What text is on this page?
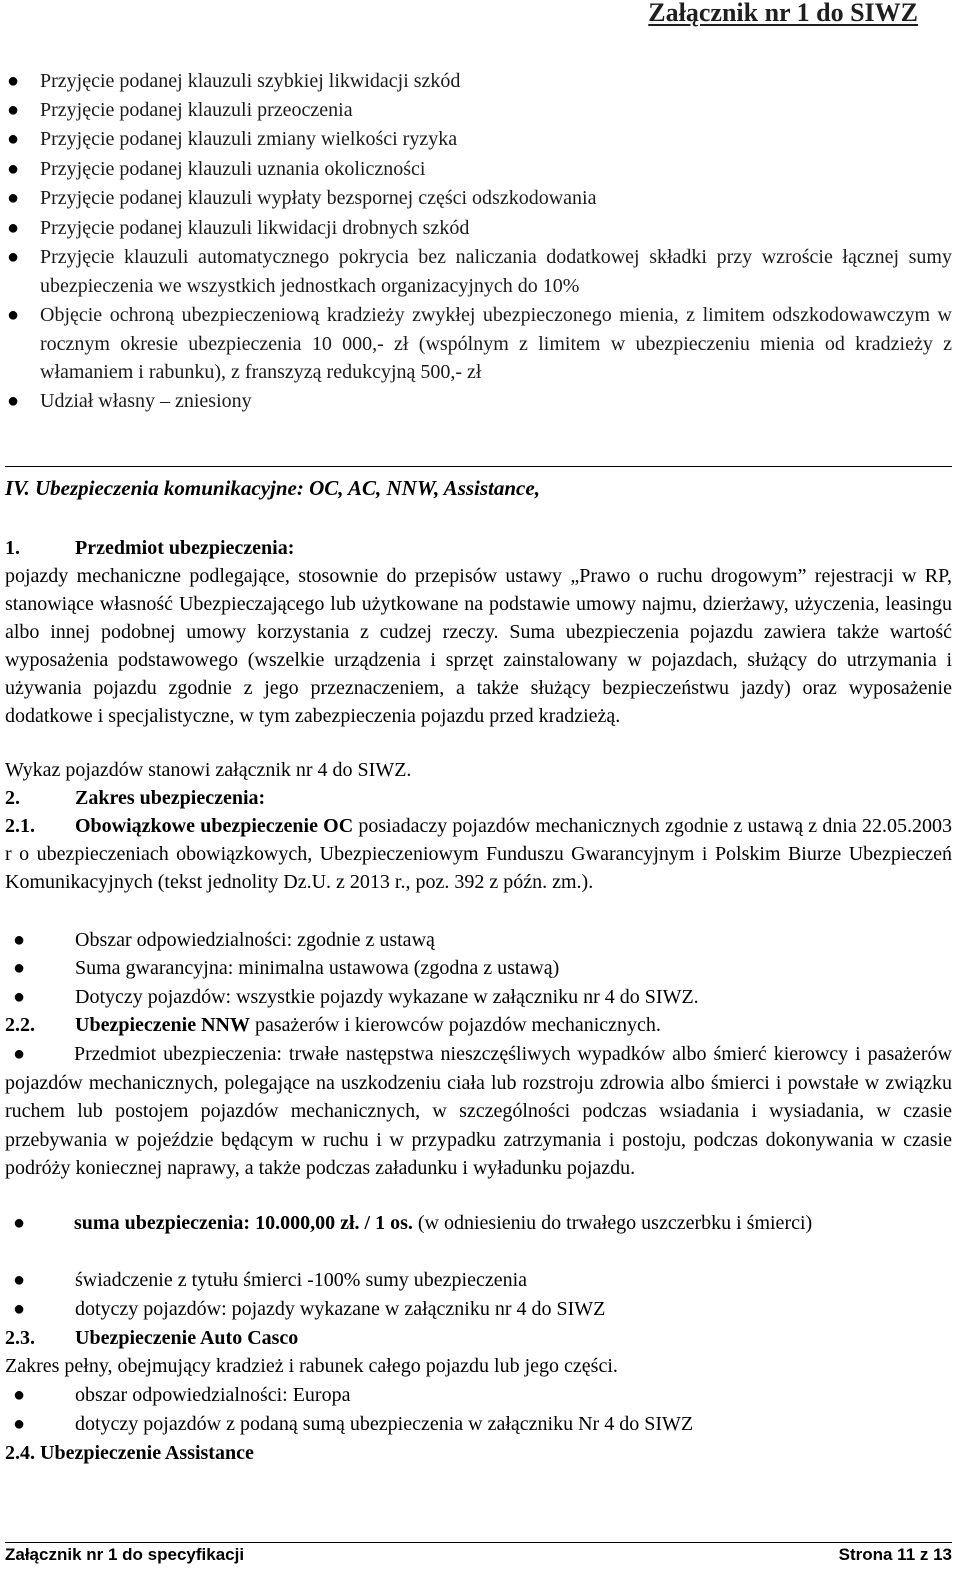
Załącznik nr 1 do SIWZ
●	Przyjęcie podanej klauzuli szybkiej likwidacji szkód
●	Przyjęcie podanej klauzuli przeoczenia
●	Przyjęcie podanej klauzuli zmiany wielkości ryzyka
●	Przyjęcie podanej klauzuli uznania okoliczności
●	Przyjęcie podanej klauzuli wypłaty bezspornej części odszkodowania
●	Przyjęcie podanej klauzuli likwidacji drobnych szkód
●	Przyjęcie klauzuli automatycznego pokrycia bez naliczania dodatkowej składki przy wzroście łącznej sumy ubezpieczenia we wszystkich jednostkach organizacyjnych do 10%
●	Objęcie ochroną ubezpieczeniową kradzieży zwykłej ubezpieczonego mienia, z limitem odszkodowawczym w rocznym okresie ubezpieczenia 10 000,- zł (wspólnym z limitem w ubezpieczeniu mienia od kradzieży z włamaniem i rabunku), z franszyzą redukcyjną 500,- zł
●	Udział własny – zniesiony
IV. Ubezpieczenia komunikacyjne: OC, AC, NNW, Assistance,
1.	Przedmiot ubezpieczenia:
pojazdy mechaniczne podlegające, stosownie do przepisów ustawy „Prawo o ruchu drogowym” rejestracji w RP, stanowiące własność Ubezpieczającego lub użytkowane na podstawie umowy najmu, dzierżawy, użyczenia, leasingu albo innej podobnej umowy korzystania z cudzej rzeczy. Suma ubezpieczenia pojazdu zawiera także wartość wyposażenia podstawowego (wszelkie urządzenia i sprzęt zainstalowany w pojazdach, służący do utrzymania i używania pojazdu zgodnie z jego przeznaczeniem, a także służący bezpieczeństwu jazdy) oraz wyposażenie dodatkowe i specjalistyczne, w tym zabezpieczenia pojazdu przed kradzieżą.
Wykaz pojazdów stanowi załącznik nr 4 do SIWZ.
2.	Zakres ubezpieczenia:
2.1. Obowiązkowe ubezpieczenie OC posiadaczy pojazdów mechanicznych zgodnie z ustawą z dnia 22.05.2003 r o ubezpieczeniach obowiązkowych, Ubezpieczeniowym Funduszu Gwarancyjnym i Polskim Biurze Ubezpieczeń Komunikacyjnych (tekst jednolity Dz.U. z 2013 r., poz. 392 z późn. zm.).
●	Obszar odpowiedzialności: zgodnie z ustawą
●	Suma gwarancyjna: minimalna ustawowa (zgodna z ustawą)
●	Dotyczy pojazdów: wszystkie pojazdy wykazane w załączniku nr 4 do SIWZ.
2.2. Ubezpieczenie NNW pasażerów i kierowców pojazdów mechanicznych.
●	Przedmiot ubezpieczenia: trwałe następstwa nieszczęśliwych wypadków albo śmierć kierowcy i pasażerów pojazdów mechanicznych, polegające na uszkodzeniu ciała lub rozstroju zdrowia albo śmierci i powstałe w związku ruchem lub postojem pojazdów mechanicznych, w szczególności podczas wsiadania i wysiadania, w czasie przebywania w pojeździe będącym w ruchu i w przypadku zatrzymania i postoju, podczas dokonywania w czasie podróży koniecznej naprawy, a także podczas załadunku i wyładunku pojazdu.
●	suma ubezpieczenia: 10.000,00 zł. / 1 os. (w odniesieniu do trwałego uszczerbku i śmierci)
●	świadczenie z tytułu śmierci -100% sumy ubezpieczenia
●	dotyczy pojazdów: pojazdy wykazane w załączniku nr 4 do SIWZ
2.3. Ubezpieczenie Auto Casco
Zakres pełny, obejmujący kradzież i rabunek całego pojazdu lub jego części.
●	obszar odpowiedzialności: Europa
●	dotyczy pojazdów z podaną sumą ubezpieczenia w załączniku Nr 4 do SIWZ
2.4. Ubezpieczenie Assistance
Załącznik nr 1 do specyfikacji	Strona 11 z 13
